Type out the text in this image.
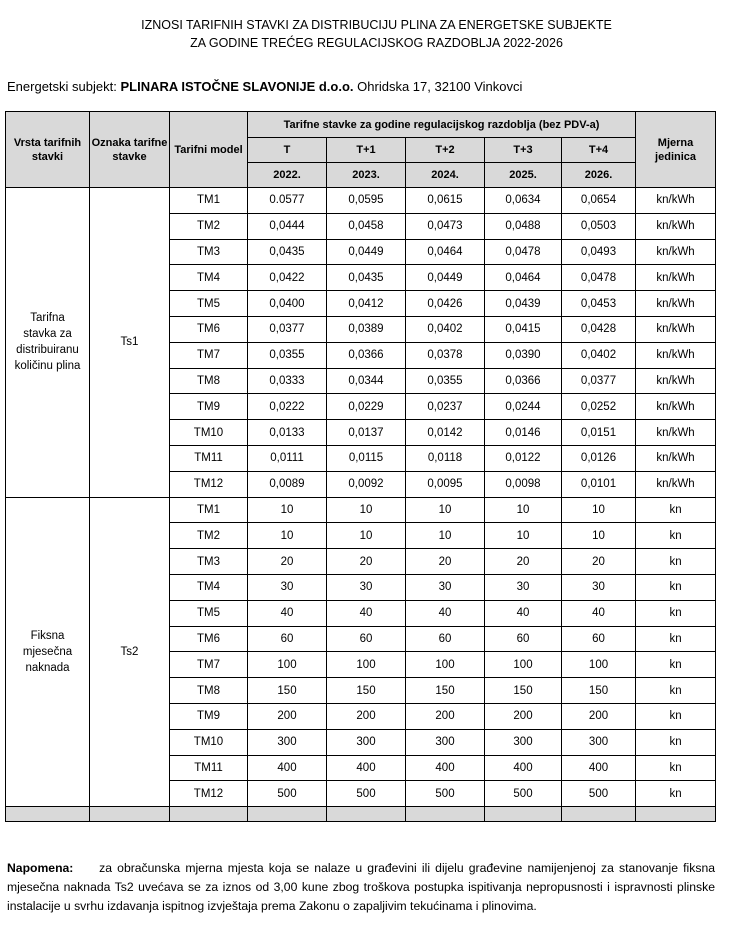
IZNOSI TARIFNIH STAVKI ZA DISTRIBUCIJU PLINA ZA ENERGETSKE SUBJEKTE
ZA GODINE TREĆEG REGULACIJSKOG RAZDOBLJA 2022-2026
Energetski subjekt: PLINARA ISTOČNE SLAVONIJE d.o.o. Ohridska 17, 32100 Vinkovci
Vrsta tarifnih stavki	Oznaka tarifne stavke	Tarifni model	Tarifne stavke za godine regulacijskog razdoblja (bez PDV-a)					Mjerna jedinica
			T	T+1	T+2	T+3	T+4	
			2022.	2023.	2024.	2025.	2026.	
Tarifna stavka za distribuiranu količinu plina	Ts1	TM1	0.0577	0,0595	0,0615	0,0634	0,0654	kn/kWh
		TM2	0,0444	0,0458	0,0473	0,0488	0,0503	kn/kWh
		TM3	0,0435	0,0449	0,0464	0,0478	0,0493	kn/kWh
		TM4	0,0422	0,0435	0,0449	0,0464	0,0478	kn/kWh
		TM5	0,0400	0,0412	0,0426	0,0439	0,0453	kn/kWh
		TM6	0,0377	0,0389	0,0402	0,0415	0,0428	kn/kWh
		TM7	0,0355	0,0366	0,0378	0,0390	0,0402	kn/kWh
		TM8	0,0333	0,0344	0,0355	0,0366	0,0377	kn/kWh
		TM9	0,0222	0,0229	0,0237	0,0244	0,0252	kn/kWh
		TM10	0,0133	0,0137	0,0142	0,0146	0,0151	kn/kWh
		TM11	0,0111	0,0115	0,0118	0,0122	0,0126	kn/kWh
		TM12	0,0089	0,0092	0,0095	0,0098	0,0101	kn/kWh
Fiksna mjesečna naknada	Ts2	TM1	10	10	10	10	10	kn
		TM2	10	10	10	10	10	kn
		TM3	20	20	20	20	20	kn
		TM4	30	30	30	30	30	kn
		TM5	40	40	40	40	40	kn
		TM6	60	60	60	60	60	kn
		TM7	100	100	100	100	100	kn
		TM8	150	150	150	150	150	kn
		TM9	200	200	200	200	200	kn
		TM10	300	300	300	300	300	kn
		TM11	400	400	400	400	400	kn
		TM12	500	500	500	500	500	kn

Napomena: za obračunska mjerna mjesta koja se nalaze u građevini ili dijelu građevine namijenjenoj za stanovanje fiksna mjesečna naknada Ts2 uvećava se za iznos od 3,00 kune zbog troškova postupka ispitivanja nepropusnosti i ispravnosti plinske instalacije u svrhu izdavanja ispitnog izvještaja prema Zakonu o zapaljivim tekućinama i plinovima.
